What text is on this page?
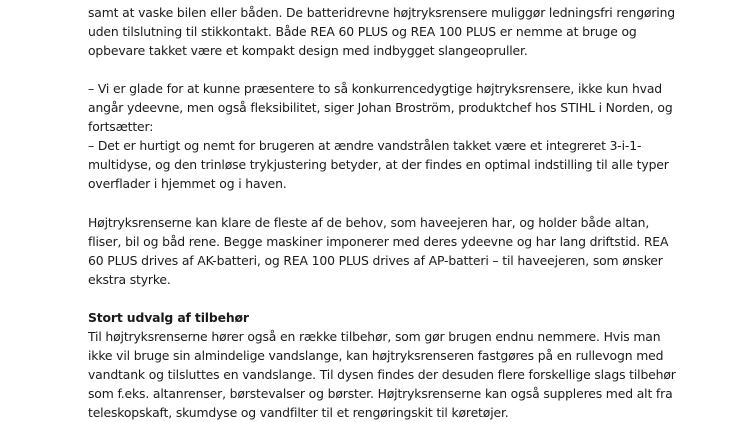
samt at vaske bilen eller båden. De batteridrevne højtryksrensere muliggør ledningsfri rengøring
uden tilslutning til stikkontakt. Både REA 60 PLUS og REA 100 PLUS er nemme at bruge og
opbevare takket være et kompakt design med indbygget slangeopruller.
– Vi er glade for at kunne præsentere to så konkurrencedygtige højtryksrensere, ikke kun hvad
angår ydeevne, men også fleksibilitet, siger Johan Broström, produktchef hos STIHL i Norden, og
fortsætter:
– Det er hurtigt og nemt for brugeren at ændre vandstrålen takket være et integreret 3-i-1-
multidyse, og den trinløse trykjustering betyder, at der findes en optimal indstilling til alle typer
overflader i hjemmet og i haven.
Højtryksrenserne kan klare de fleste af de behov, som haveejeren har, og holder både altan,
fliser, bil og båd rene. Begge maskiner imponerer med deres ydeevne og har lang driftstid. REA
60 PLUS drives af AK-batteri, og REA 100 PLUS drives af AP-batteri – til haveejeren, som ønsker
ekstra styrke.
Stort udvalg af tilbehør
Til højtryksrenserne hører også en række tilbehør, som gør brugen endnu nemmere. Hvis man
ikke vil bruge sin almindelige vandslange, kan højtryksrenseren fastgøres på en rullevogn med
vandtank og tilsluttes en vandslange. Til dysen findes der desuden flere forskellige slags tilbehør
som f.eks. altanrenser, børstevalser og børster. Højtryksrenserne kan også suppleres med alt fra
teleskopskaft, skumdyse og vandfilter til et rengøringskit til køretøjer.
